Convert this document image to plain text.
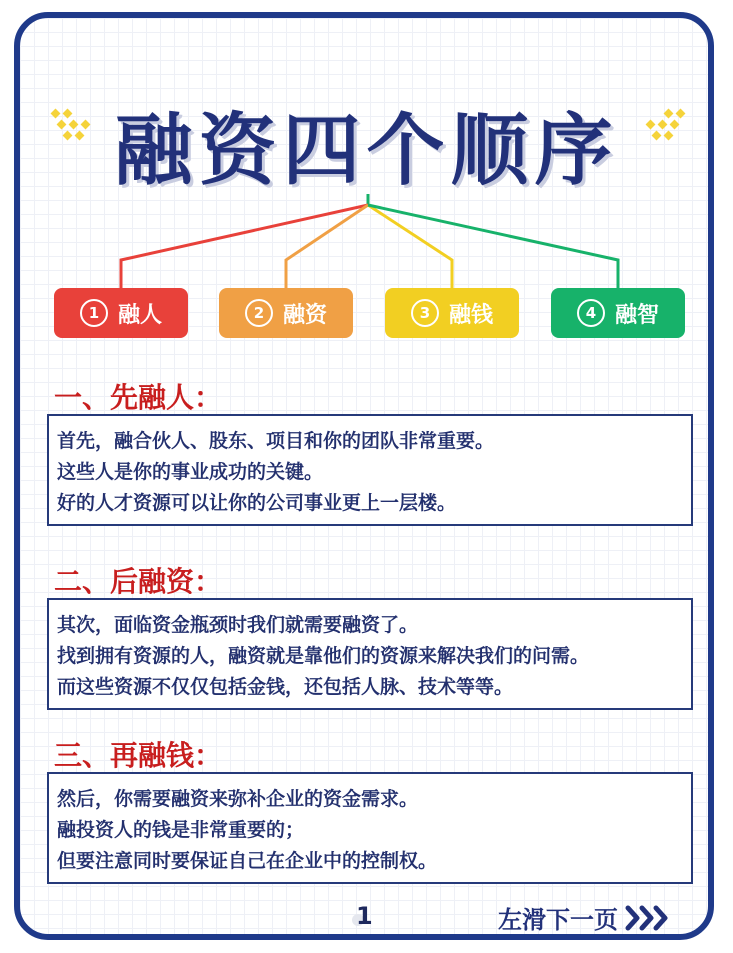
融资四个顺序
1 融人	2 融资	3 融钱	4 融智
一、先融人：
首先，融合伙人、股东、项目和你的团队非常重要。
这些人是你的事业成功的关键。
好的人才资源可以让你的公司事业更上一层楼。
二、后融资：
其次，面临资金瓶颈时我们就需要融资了。
找到拥有资源的人，融资就是靠他们的资源来解决我们的问需。
而这些资源不仅仅包括金钱，还包括人脉、技术等等。
三、再融钱：
然后，你需要融资来弥补企业的资金需求。
融投资人的钱是非常重要的；
但要注意同时要保证自己在企业中的控制权。
1	左滑下一页
